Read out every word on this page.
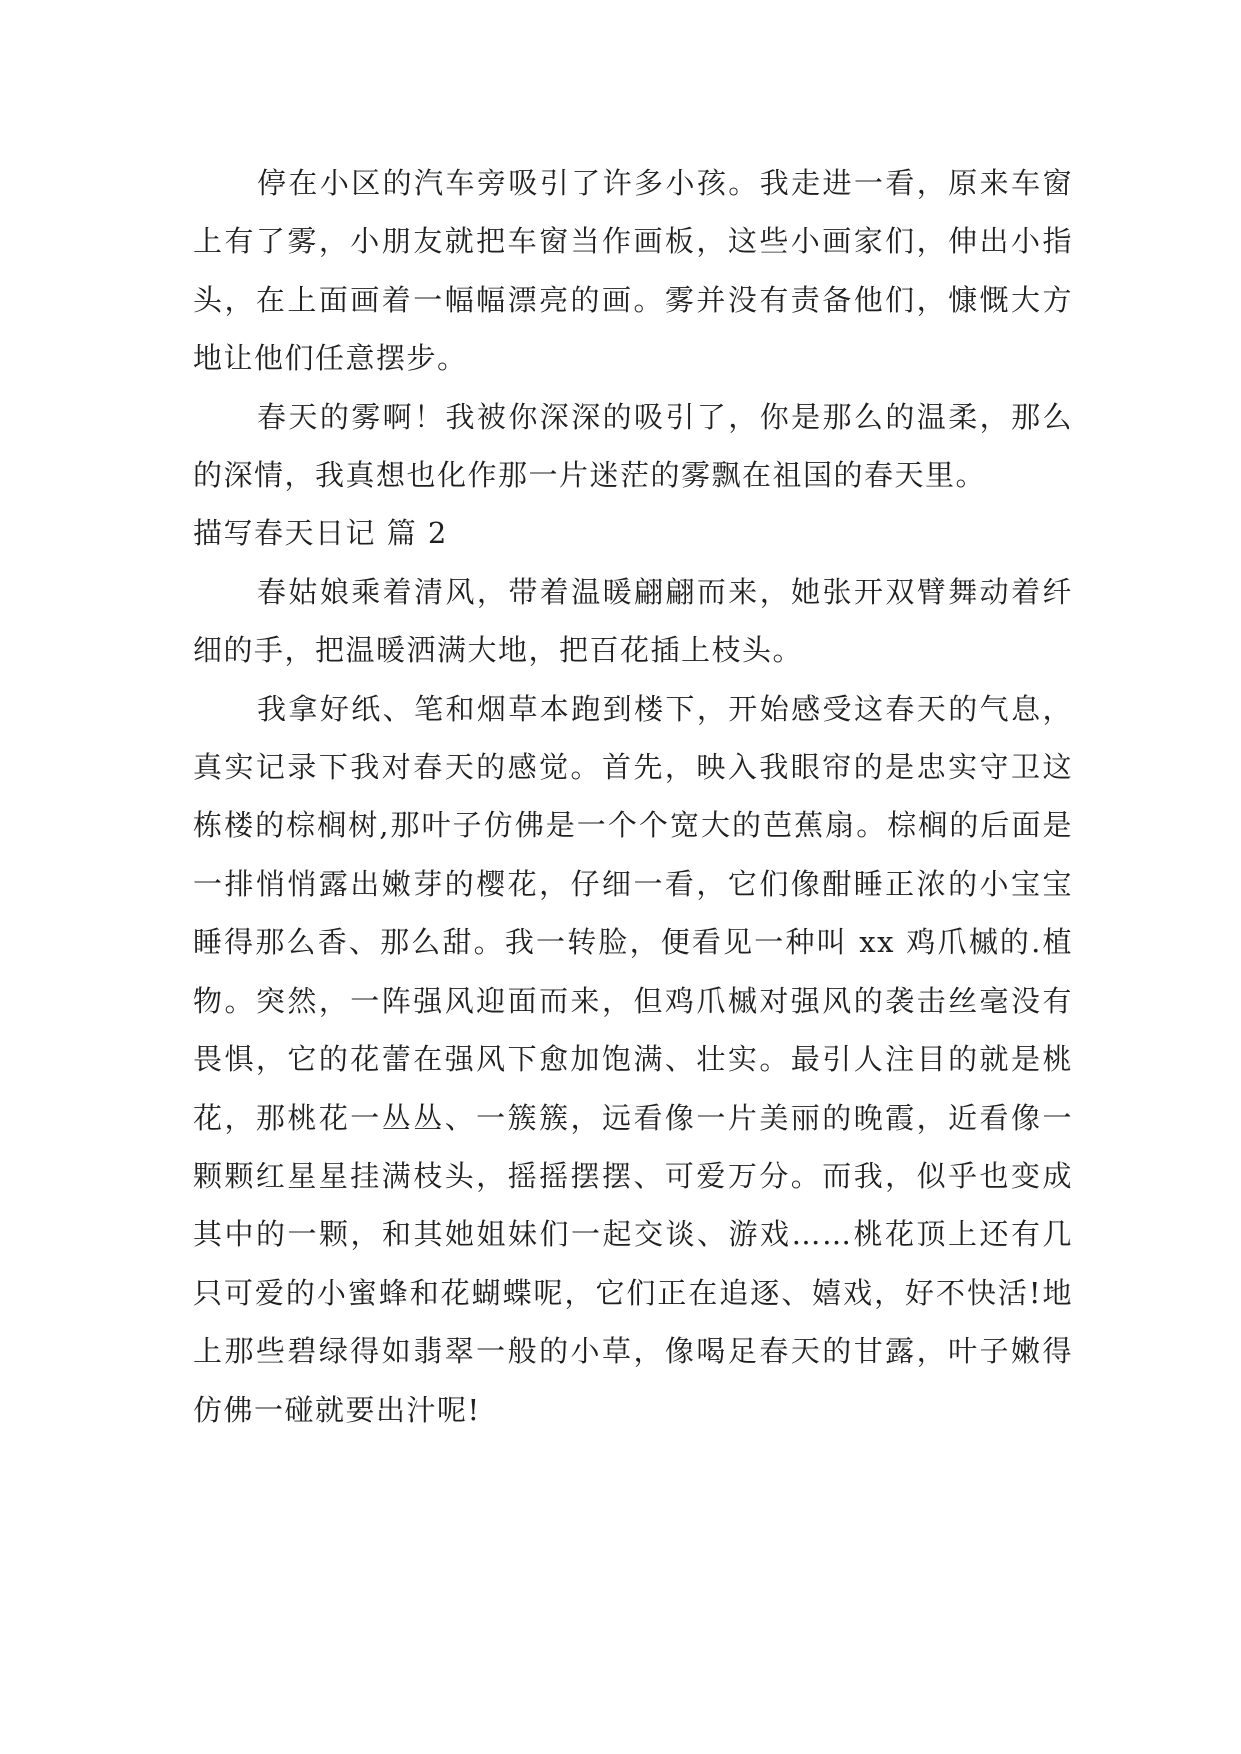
停在小区的汽车旁吸引了许多小孩。我走进一看，原来车窗上有了雾，小朋友就把车窗当作画板，这些小画家们，伸出小指头，在上面画着一幅幅漂亮的画。雾并没有责备他们，慷慨大方地让他们任意摆步。

春天的雾啊！我被你深深的吸引了，你是那么的温柔，那么的深情，我真想也化作那一片迷茫的雾飘在祖国的春天里。

描写春天日记 篇 2

春姑娘乘着清风，带着温暖翩翩而来，她张开双臂舞动着纤细的手，把温暖洒满大地，把百花插上枝头。

我拿好纸、笔和烟草本跑到楼下，开始感受这春天的气息，真实记录下我对春天的感觉。首先，映入我眼帘的是忠实守卫这栋楼的棕榈树,那叶子仿佛是一个个宽大的芭蕉扇。棕榈的后面是一排悄悄露出嫩芽的樱花，仔细一看，它们像酣睡正浓的小宝宝睡得那么香、那么甜。我一转脸，便看见一种叫 xx 鸡爪槭的.植物。突然，一阵强风迎面而来，但鸡爪槭对强风的袭击丝毫没有畏惧，它的花蕾在强风下愈加饱满、壮实。最引人注目的就是桃花，那桃花一丛丛、一簇簇，远看像一片美丽的晚霞，近看像一颗颗红星星挂满枝头，摇摇摆摆、可爱万分。而我，似乎也变成其中的一颗，和其她姐妹们一起交谈、游戏……桃花顶上还有几只可爱的小蜜蜂和花蝴蝶呢，它们正在追逐、嬉戏，好不快活!地上那些碧绿得如翡翠一般的小草，像喝足春天的甘露，叶子嫩得仿佛一碰就要出汁呢!
